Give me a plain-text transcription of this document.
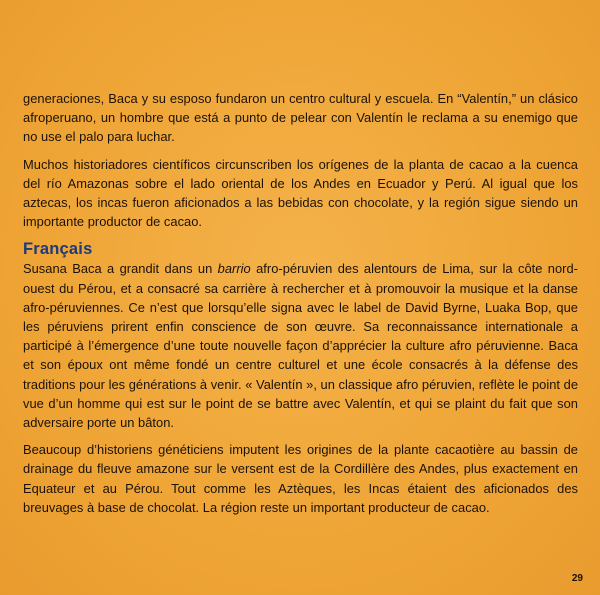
generaciones, Baca y su esposo fundaron un centro cultural y escuela. En “Valentín,” un clásico afroperuano, un hombre que está a punto de pelear con Valentín le reclama a su enemigo que no use el palo para luchar.

Muchos historiadores científicos circunscriben los orígenes de la planta de cacao a la cuenca del río Amazonas sobre el lado oriental de los Andes en Ecuador y Perú. Al igual que los aztecas, los incas fueron aficionados a las bebidas con chocolate, y la región sigue siendo un importante productor de cacao.

Français

Susana Baca a grandit dans un barrio afro-péruvien des alentours de Lima, sur la côte nord-ouest du Pérou, et a consacré sa carrière à rechercher et à promouvoir la musique et la danse afro-péruviennes. Ce n’est que lorsqu’elle signa avec le label de David Byrne, Luaka Bop, que les péruviens prirent enfin conscience de son œuvre. Sa reconnaissance internationale a participé à l’émergence d’une toute nouvelle façon d’apprécier la culture afro péruvienne. Baca et son époux ont même fondé un centre culturel et une école consacrés à la défense des traditions pour les générations à venir. « Valentín », un classique afro péruvien, reflète le point de vue d’un homme qui est sur le point de se battre avec Valentín, et qui se plaint du fait que son adversaire porte un bâton.

Beaucoup d’historiens généticiens imputent les origines de la plante cacaotière au bassin de drainage du fleuve amazone sur le versent est de la Cordillère des Andes, plus exactement en Equateur et au Pérou. Tout comme les Aztèques, les Incas étaient des aficionados des breuvages à base de chocolat. La région reste un important producteur de cacao.

29
